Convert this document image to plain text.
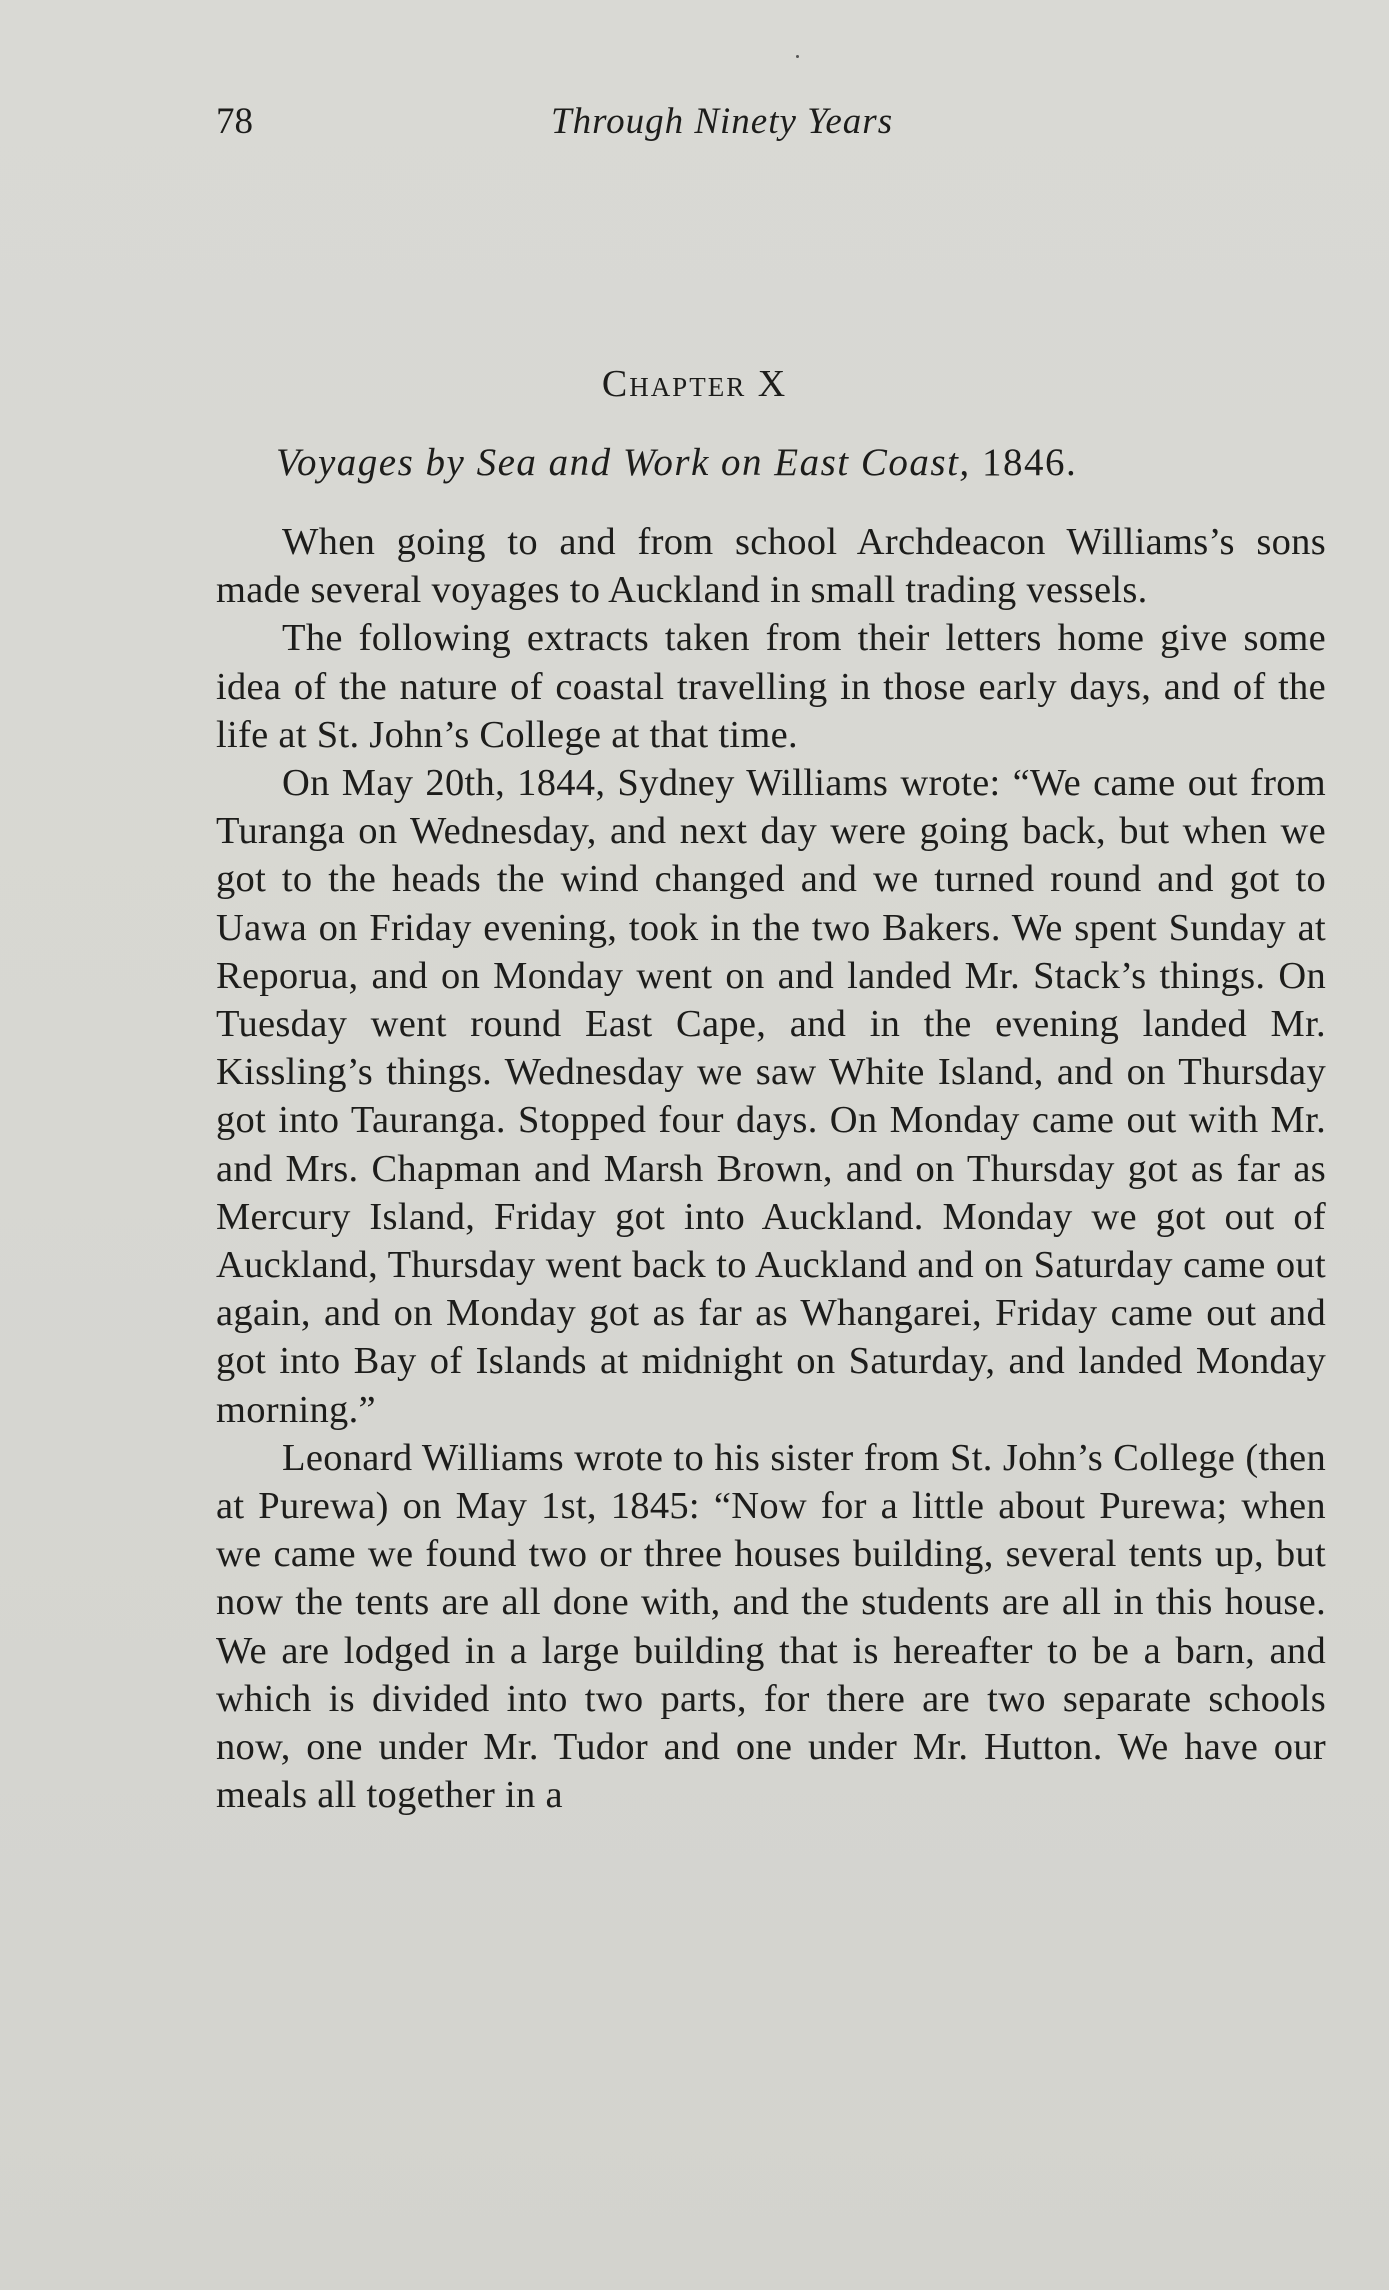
78	Through Ninety Years
Chapter X
Voyages by Sea and Work on East Coast, 1846.

When going to and from school Archdeacon Williams’s sons made several voyages to Auckland in small trading vessels.

The following extracts taken from their letters home give some idea of the nature of coastal travelling in those early days, and of the life at St. John’s College at that time.

On May 20th, 1844, Sydney Williams wrote: “We came out from Turanga on Wednesday, and next day were going back, but when we got to the heads the wind changed and we turned round and got to Uawa on Friday evening, took in the two Bakers. We spent Sunday at Reporua, and on Monday went on and landed Mr. Stack’s things. On Tuesday went round East Cape, and in the evening landed Mr. Kissling’s things. Wednesday we saw White Island, and on Thursday got into Tauranga. Stopped four days. On Monday came out with Mr. and Mrs. Chapman and Marsh Brown, and on Thursday got as far as Mercury Island, Friday got into Auckland. Monday we got out of Auckland, Thursday went back to Auckland and on Saturday came out again, and on Monday got as far as Whangarei, Friday came out and got into Bay of Islands at midnight on Saturday, and landed Monday morning.”

Leonard Williams wrote to his sister from St. John’s College (then at Purewa) on May 1st, 1845: “Now for a little about Purewa; when we came we found two or three houses building, several tents up, but now the tents are all done with, and the students are all in this house. We are lodged in a large building that is hereafter to be a barn, and which is divided into two parts, for there are two separate schools now, one under Mr. Tudor and one under Mr. Hutton. We have our meals all together in a
